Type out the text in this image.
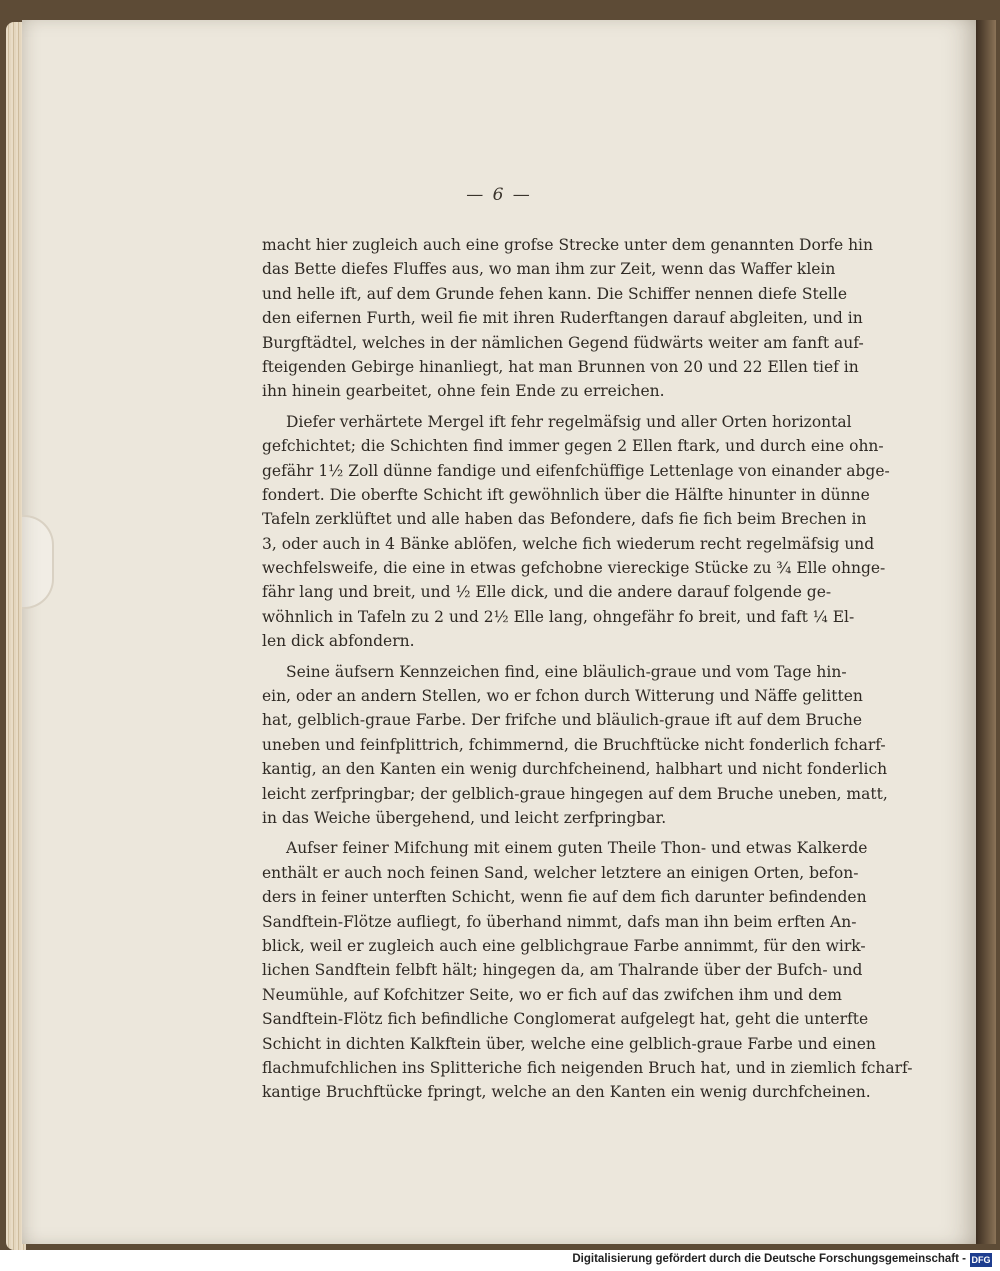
— 6 —
macht hier zugleich auch eine grofse Strecke unter dem genannten Dorfe hin
das Bette diefes Fluffes aus, wo man ihm zur Zeit, wenn das Waffer klein
und helle ift, auf dem Grunde fehen kann. Die Schiffer nennen diefe Stelle
den eifernen Furth, weil fie mit ihren Ruderftangen darauf abgleiten, und in
Burgftädtel, welches in der nämlichen Gegend füdwärts weiter am fanft auf-
fteigenden Gebirge hinanliegt, hat man Brunnen von 20 und 22 Ellen tief in
ihn hinein gearbeitet, ohne fein Ende zu erreichen.
Diefer verhärtete Mergel ift fehr regelmäfsig und aller Orten horizontal
gefchichtet; die Schichten find immer gegen 2 Ellen ftark, und durch eine ohn-
gefähr 1½ Zoll dünne fandige und eifenfchüffige Lettenlage von einander abge-
fondert. Die oberfte Schicht ift gewöhnlich über die Hälfte hinunter in dünne
Tafeln zerklüftet und alle haben das Befondere, dafs fie fich beim Brechen in
3, oder auch in 4 Bänke ablöfen, welche fich wiederum recht regelmäfsig und
wechfelsweife, die eine in etwas gefchobne viereckige Stücke zu ¾ Elle ohnge-
fähr lang und breit, und ½ Elle dick, und die andere darauf folgende ge-
wöhnlich in Tafeln zu 2 und 2½ Elle lang, ohngefähr fo breit, und faft ¼ El-
len dick abfondern.
Seine äufsern Kennzeichen find, eine bläulich-graue und vom Tage hin-
ein, oder an andern Stellen, wo er fchon durch Witterung und Näffe gelitten
hat, gelblich-graue Farbe. Der frifche und bläulich-graue ift auf dem Bruche
uneben und feinfplittrich, fchimmernd, die Bruchftücke nicht fonderlich fcharf-
kantig, an den Kanten ein wenig durchfcheinend, halbhart und nicht fonderlich
leicht zerfpringbar; der gelblich-graue hingegen auf dem Bruche uneben, matt,
in das Weiche übergehend, und leicht zerfpringbar.
Aufser feiner Mifchung mit einem guten Theile Thon- und etwas Kalkerde
enthält er auch noch feinen Sand, welcher letztere an einigen Orten, befon-
ders in feiner unterften Schicht, wenn fie auf dem fich darunter befindenden
Sandftein-Flötze aufliegt, fo überhand nimmt, dafs man ihn beim erften An-
blick, weil er zugleich auch eine gelblichgraue Farbe annimmt, für den wirk-
lichen Sandftein felbft hält; hingegen da, am Thalrande über der Bufch- und
Neumühle, auf Kofchitzer Seite, wo er fich auf das zwifchen ihm und dem
Sandftein-Flötz fich befindliche Conglomerat aufgelegt hat, geht die unterfte
Schicht in dichten Kalkftein über, welche eine gelblich-graue Farbe und einen
flachmufchlichen ins Splitteriche fich neigenden Bruch hat, und in ziemlich fcharf-
kantige Bruchftücke fpringt, welche an den Kanten ein wenig durchfcheinen.
Digitalisierung gefördert durch die Deutsche Forschungsgemeinschaft - DFG
